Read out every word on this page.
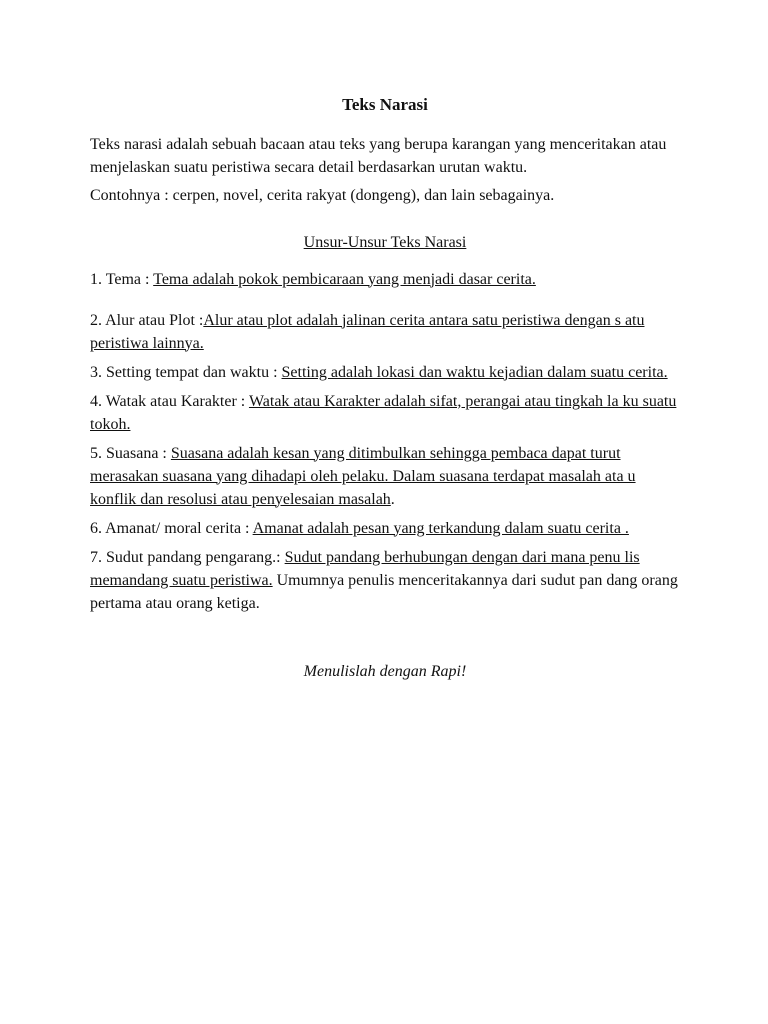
Teks Narasi

Teks narasi adalah sebuah bacaan atau teks yang berupa karangan yang menceritakan atau menjelaskan suatu peristiwa secara detail berdasarkan urutan waktu.

Contohnya : cerpen, novel, cerita rakyat (dongeng), dan lain sebagainya.

Unsur-Unsur Teks Narasi

1. Tema : Tema adalah pokok pembicaraan yang menjadi dasar cerita.

2. Alur atau Plot :Alur atau plot adalah jalinan cerita antara satu peristiwa dengan s atu peristiwa lainnya.

3. Setting tempat dan waktu : Setting adalah lokasi dan waktu kejadian dalam suatu cerita.

4. Watak atau Karakter : Watak atau Karakter adalah sifat, perangai atau tingkah la ku suatu tokoh.

5. Suasana : Suasana adalah kesan yang ditimbulkan sehingga pembaca dapat turut merasakan suasana yang dihadapi oleh pelaku. Dalam suasana terdapat masalah ata u konflik dan resolusi atau penyelesaian masalah.

6. Amanat/ moral cerita : Amanat adalah pesan yang terkandung dalam suatu cerita .

7. Sudut pandang pengarang.: Sudut pandang berhubungan dengan dari mana penu lis memandang suatu peristiwa. Umumnya penulis menceritakannya dari sudut pan dang orang pertama atau orang ketiga.

Menulislah dengan Rapi!
